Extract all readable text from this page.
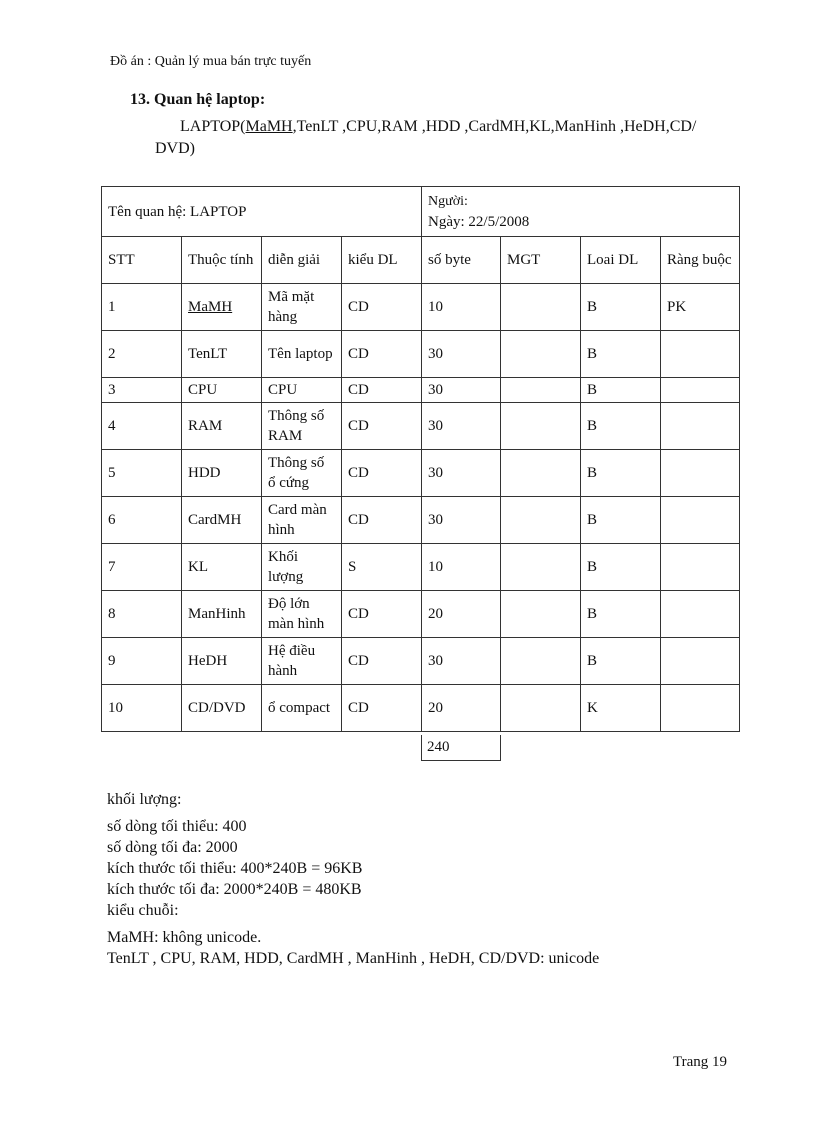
Đồ án : Quản lý mua bán trực tuyến
13. Quan hệ laptop:
LAPTOP(MaMH,TenLT ,CPU,RAM ,HDD ,CardMH,KL,ManHinh ,HeDH,CD/
DVD)
Tên quan hệ: LAPTOP				Người:
Ngày: 22/5/2008			

STT	Thuộc tính	diễn giải	kiểu DL	số byte	MGT	Loai DL	Ràng buộc
1	MaMH	Mã mặt hàng	CD	10		B	PK
2	TenLT	Tên laptop	CD	30		B	
3	CPU	CPU	CD	30		B	
4	RAM	Thông số RAM	CD	30		B	
5	HDD	Thông số ổ cứng	CD	30		B	
6	CardMH	Card màn hình	CD	30		B	
7	KL	Khối lượng	S	10		B	
8	ManHinh	Độ lớn màn hình	CD	20		B	
9	HeDH	Hệ điều hành	CD	30		B	
10	CD/DVD	ổ compact	CD	20		K	
240
khối lượng:
số dòng tối thiểu: 400
số dòng tối đa: 2000
kích thước tối thiểu: 400*240B = 96KB
kích thước tối đa: 2000*240B = 480KB
kiểu chuỗi:
MaMH: không unicode.
TenLT , CPU, RAM, HDD, CardMH , ManHinh , HeDH, CD/DVD: unicode
Trang 19
